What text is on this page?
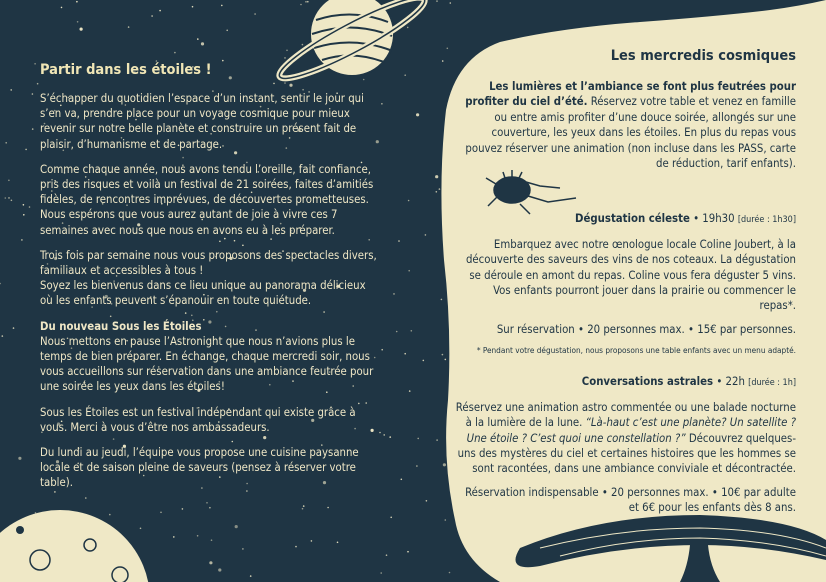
Partir dans les étoiles !

S’échapper du quotidien l’espace d’un instant, sentir le jour qui s’en va, prendre place pour un voyage cosmique pour mieux revenir sur notre belle planète et construire un présent fait de plaisir, d’humanisme et de partage.

Comme chaque année, nous avons tendu l’oreille, fait confiance, pris des risques et voilà un festival de 21 soirées, faites d’amitiés fidèles, de rencontres imprévues, de découvertes prometteuses. Nous espérons que vous aurez autant de joie à vivre ces 7 semaines avec nous que nous en avons eu à les préparer.

Trois fois par semaine nous vous proposons des spectacles divers, familiaux et accessibles à tous !
Soyez les bienvenus dans ce lieu unique au panorama délicieux où les enfants peuvent s’épanouir en toute quiétude.

Du nouveau Sous les Étoiles
Nous mettons en pause l’Astronight que nous n’avions plus le temps de bien préparer. En échange, chaque mercredi soir, nous vous accueillons sur réservation dans une ambiance feutrée pour une soirée les yeux dans les étoiles!

Sous les Étoiles est un festival indépendant qui existe grâce à vous. Merci à vous d’être nos ambassadeurs.

Du lundi au jeudi, l’équipe vous propose une cuisine paysanne locale et de saison pleine de saveurs (pensez à réserver votre table).

Les mercredis cosmiques

Les lumières et l’ambiance se font plus feutrées pour profiter du ciel d’été. Réservez votre table et venez en famille ou entre amis profiter d’une douce soirée, allongés sur une couverture, les yeux dans les étoiles. En plus du repas vous pouvez réserver une animation (non incluse dans les PASS, carte de réduction, tarif enfants).

Dégustation céleste • 19h30 [durée : 1h30]

Embarquez avec notre œnologue locale Coline Joubert, à la découverte des saveurs des vins de nos coteaux. La dégustation se déroule en amont du repas. Coline vous fera déguster 5 vins. Vos enfants pourront jouer dans la prairie ou commencer le repas*.

Sur réservation • 20 personnes max. • 15€ par personnes.

* Pendant votre dégustation, nous proposons une table enfants avec un menu adapté.

Conversations astrales • 22h [durée : 1h]

Réservez une animation astro commentée ou une balade nocturne à la lumière de la lune. “Là-haut c’est une planète? Un satellite ? Une étoile ? C’est quoi une constellation ?” Découvrez quelques-uns des mystères du ciel et certaines histoires que les hommes se sont racontées, dans une ambiance conviviale et décontractée.

Réservation indispensable • 20 personnes max. • 10€ par adulte et 6€ pour les enfants dès 8 ans.
